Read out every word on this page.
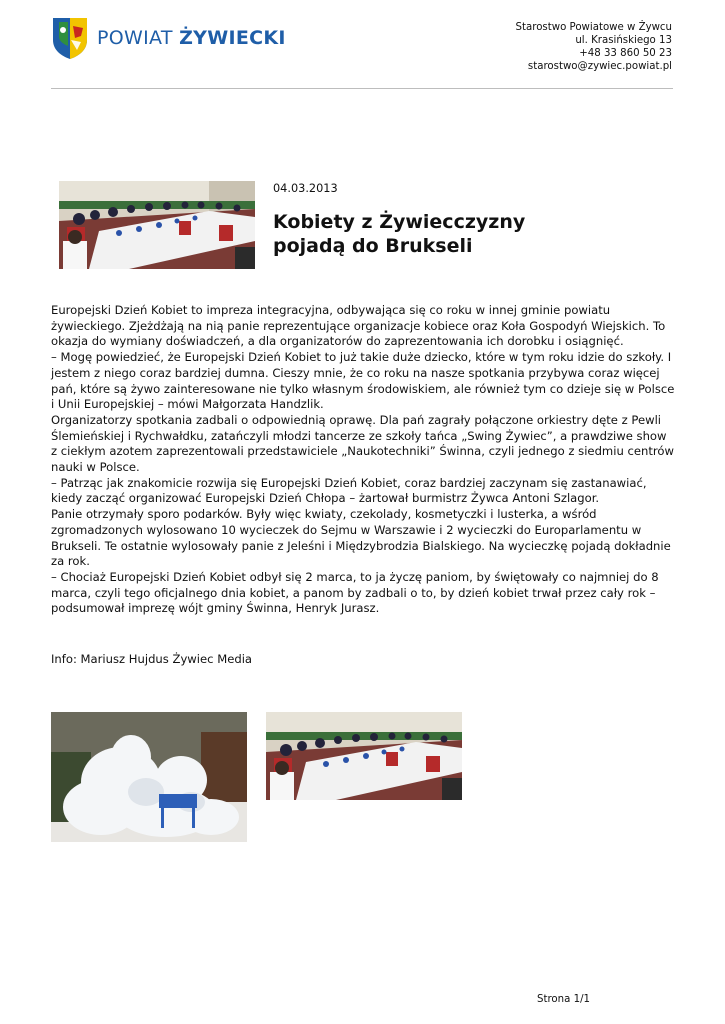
POWIAT ŻYWIECKI	Starostwo Powiatowe w Żywcu
ul. Krasińskiego 13
+48 33 860 50 23
starostwo@zywiec.powiat.pl
04.03.2013
Kobiety z Żywiecczyzny pojadą do Brukseli

Europejski Dzień Kobiet to impreza integracyjna, odbywająca się co roku w innej gminie powiatu żywieckiego. Zjeżdżają na nią panie reprezentujące organizacje kobiece oraz Koła Gospodyń Wiejskich. To okazja do wymiany doświadczeń, a dla organizatorów do zaprezentowania ich dorobku i osiągnięć.

– Mogę powiedzieć, że Europejski Dzień Kobiet to już takie duże dziecko, które w tym roku idzie do szkoły. I jestem z niego coraz bardziej dumna. Cieszy mnie, że co roku na nasze spotkania przybywa coraz więcej pań, które są żywo zainteresowane nie tylko własnym środowiskiem, ale również tym co dzieje się w Polsce i Unii Europejskiej – mówi Małgorzata Handzlik.

Organizatorzy spotkania zadbali o odpowiednią oprawę. Dla pań zagrały połączone orkiestry dęte z Pewli Ślemieńskiej i Rychwałdku, zatańczyli młodzi tancerze ze szkoły tańca „Swing Żywiec”, a prawdziwe show z ciekłym azotem zaprezentowali przedstawiciele „Naukotechniki” Świnna, czyli jednego z siedmiu centrów nauki w Polsce.

– Patrząc jak znakomicie rozwija się Europejski Dzień Kobiet, coraz bardziej zaczynam się zastanawiać, kiedy zacząć organizować Europejski Dzień Chłopa – żartował burmistrz Żywca Antoni Szlagor.

Panie otrzymały sporo podarków. Były więc kwiaty, czekolady, kosmetyczki i lusterka, a wśród zgromadzonych wylosowano 10 wycieczek do Sejmu w Warszawie i 2 wycieczki do Europarlamentu w Brukseli. Te ostatnie wylosowały panie z Jeleśni i Międzybrodzia Bialskiego. Na wycieczkę pojadą dokładnie za rok.

– Chociaż Europejski Dzień Kobiet odbył się 2 marca, to ja życzę paniom, by świętowały co najmniej do 8 marca, czyli tego oficjalnego dnia kobiet, a panom by zadbali o to, by dzień kobiet trwał przez cały rok – podsumował imprezę wójt gminy Świnna, Henryk Jurasz.

Info: Mariusz Hujdus Żywiec Media
Strona 1/1
